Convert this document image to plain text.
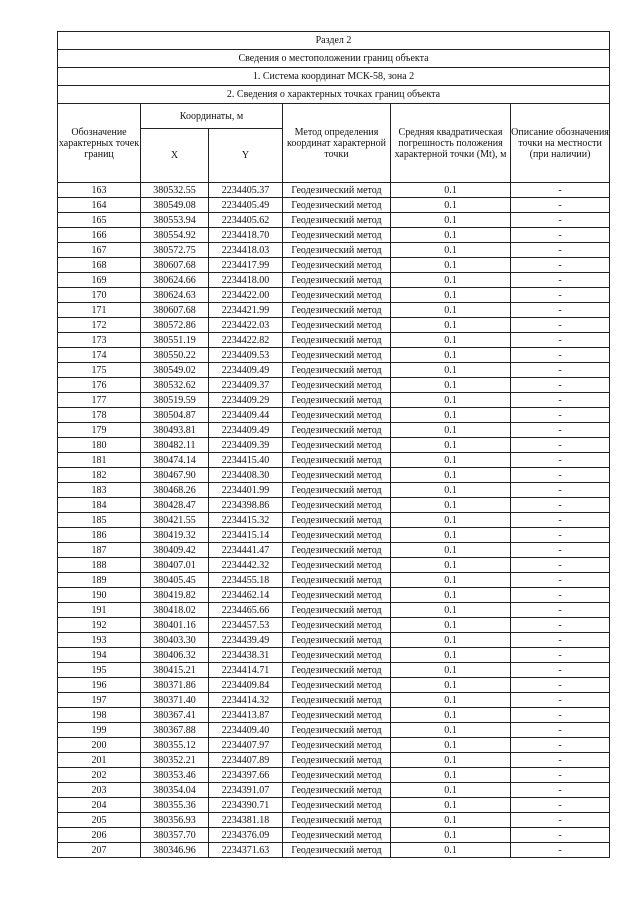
Раздел 2					
Сведения о местоположении границ объекта					
1. Система координат МСК-58, зона 2					
2. Сведения о характерных точках границ объекта					
Обозначение характерных точек границ	Координаты, м		Метод определения координат характерной точки	Средняя квадратическая погрешность положения характерной точки (Mt), м	Описание обозначения точки на местности (при наличии)
	X	Y			
163	380532.55	2234405.37	Геодезический метод	0.1	-
164	380549.08	2234405.49	Геодезический метод	0.1	-
165	380553.94	2234405.62	Геодезический метод	0.1	-
166	380554.92	2234418.70	Геодезический метод	0.1	-
167	380572.75	2234418.03	Геодезический метод	0.1	-
168	380607.68	2234417.99	Геодезический метод	0.1	-
169	380624.66	2234418.00	Геодезический метод	0.1	-
170	380624.63	2234422.00	Геодезический метод	0.1	-
171	380607.68	2234421.99	Геодезический метод	0.1	-
172	380572.86	2234422.03	Геодезический метод	0.1	-
173	380551.19	2234422.82	Геодезический метод	0.1	-
174	380550.22	2234409.53	Геодезический метод	0.1	-
175	380549.02	2234409.49	Геодезический метод	0.1	-
176	380532.62	2234409.37	Геодезический метод	0.1	-
177	380519.59	2234409.29	Геодезический метод	0.1	-
178	380504.87	2234409.44	Геодезический метод	0.1	-
179	380493.81	2234409.49	Геодезический метод	0.1	-
180	380482.11	2234409.39	Геодезический метод	0.1	-
181	380474.14	2234415.40	Геодезический метод	0.1	-
182	380467.90	2234408.30	Геодезический метод	0.1	-
183	380468.26	2234401.99	Геодезический метод	0.1	-
184	380428.47	2234398.86	Геодезический метод	0.1	-
185	380421.55	2234415.32	Геодезический метод	0.1	-
186	380419.32	2234415.14	Геодезический метод	0.1	-
187	380409.42	2234441.47	Геодезический метод	0.1	-
188	380407.01	2234442.32	Геодезический метод	0.1	-
189	380405.45	2234455.18	Геодезический метод	0.1	-
190	380419.82	2234462.14	Геодезический метод	0.1	-
191	380418.02	2234465.66	Геодезический метод	0.1	-
192	380401.16	2234457.53	Геодезический метод	0.1	-
193	380403.30	2234439.49	Геодезический метод	0.1	-
194	380406.32	2234438.31	Геодезический метод	0.1	-
195	380415.21	2234414.71	Геодезический метод	0.1	-
196	380371.86	2234409.84	Геодезический метод	0.1	-
197	380371.40	2234414.32	Геодезический метод	0.1	-
198	380367.41	2234413.87	Геодезический метод	0.1	-
199	380367.88	2234409.40	Геодезический метод	0.1	-
200	380355.12	2234407.97	Геодезический метод	0.1	-
201	380352.21	2234407.89	Геодезический метод	0.1	-
202	380353.46	2234397.66	Геодезический метод	0.1	-
203	380354.04	2234391.07	Геодезический метод	0.1	-
204	380355.36	2234390.71	Геодезический метод	0.1	-
205	380356.93	2234381.18	Геодезический метод	0.1	-
206	380357.70	2234376.09	Геодезический метод	0.1	-
207	380346.96	2234371.63	Геодезический метод	0.1	-
